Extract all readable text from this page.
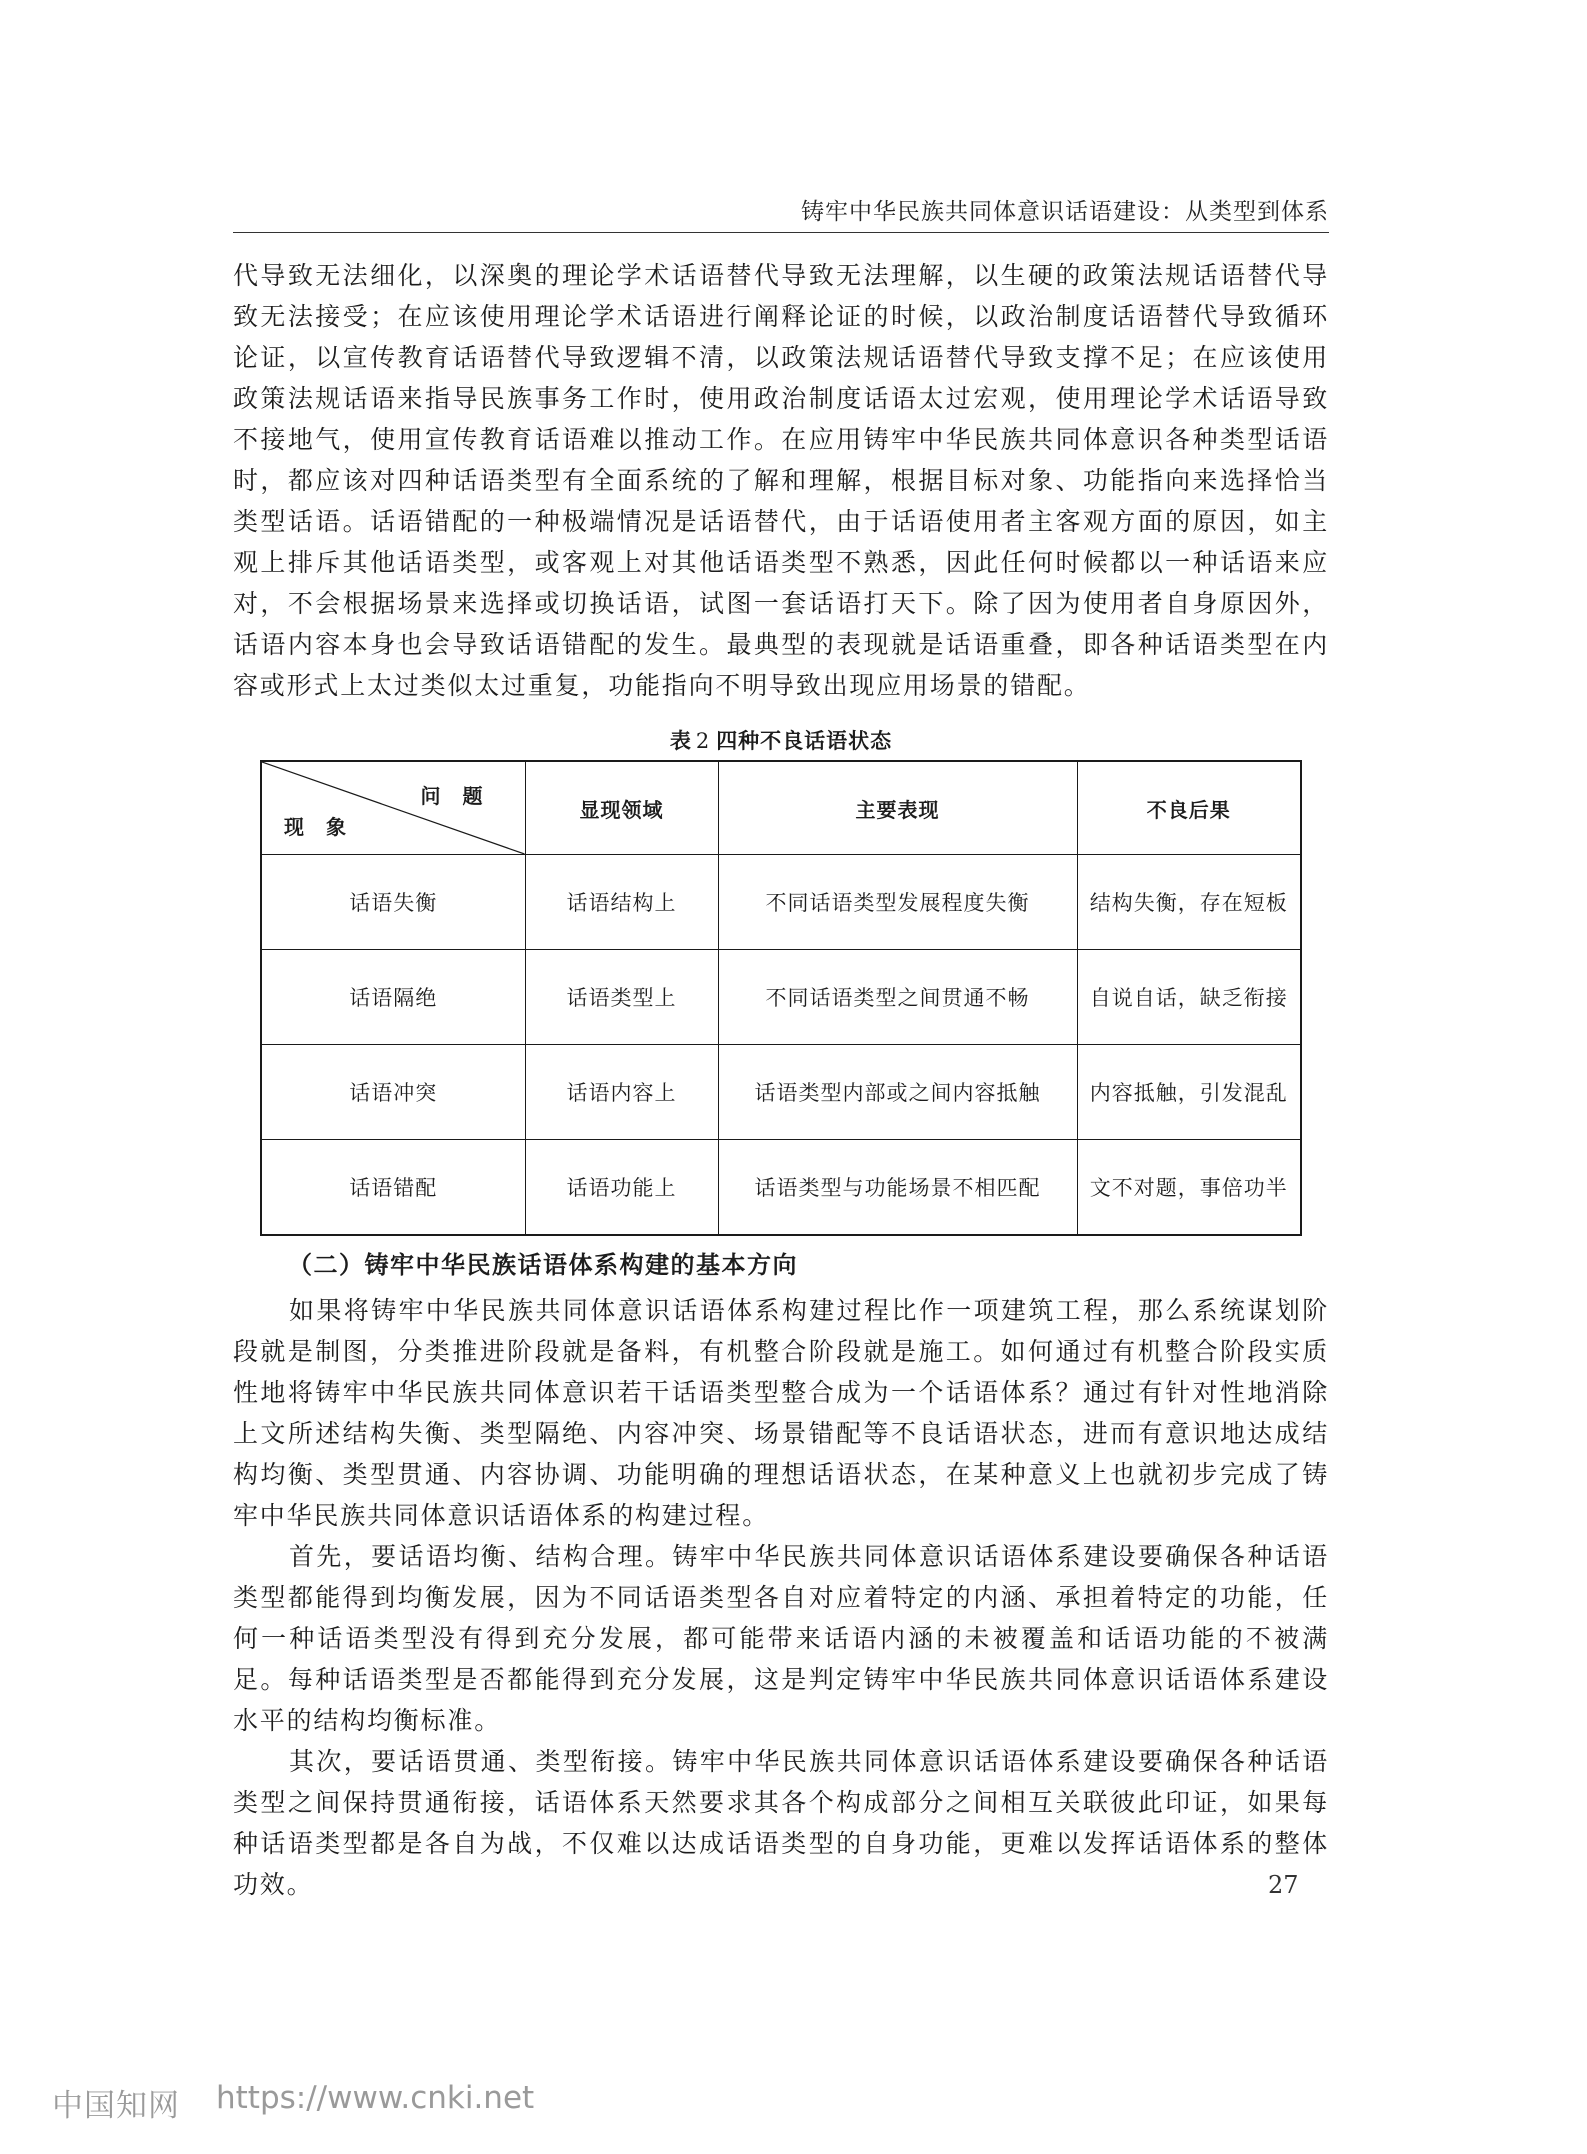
铸牢中华民族共同体意识话语建设：从类型到体系

代导致无法细化，以深奥的理论学术话语替代导致无法理解，以生硬的政策法规话语替代导致无法接受；在应该使用理论学术话语进行阐释论证的时候，以政治制度话语替代导致循环论证，以宣传教育话语替代导致逻辑不清，以政策法规话语替代导致支撑不足；在应该使用政策法规话语来指导民族事务工作时，使用政治制度话语太过宏观，使用理论学术话语导致不接地气，使用宣传教育话语难以推动工作。在应用铸牢中华民族共同体意识各种类型话语时，都应该对四种话语类型有全面系统的了解和理解，根据目标对象、功能指向来选择恰当类型话语。话语错配的一种极端情况是话语替代，由于话语使用者主客观方面的原因，如主观上排斥其他话语类型，或客观上对其他话语类型不熟悉，因此任何时候都以一种话语来应对，不会根据场景来选择或切换话语，试图一套话语打天下。除了因为使用者自身原因外，话语内容本身也会导致话语错配的发生。最典型的表现就是话语重叠，即各种话语类型在内容或形式上太过类似太过重复，功能指向不明导致出现应用场景的错配。

表 2 四种不良话语状态
问题
现象	显现领域	主要表现	不良后果
话语失衡	话语结构上	不同话语类型发展程度失衡	结构失衡，存在短板
话语隔绝	话语类型上	不同话语类型之间贯通不畅	自说自话，缺乏衔接
话语冲突	话语内容上	话语类型内部或之间内容抵触	内容抵触，引发混乱
话语错配	话语功能上	话语类型与功能场景不相匹配	文不对题，事倍功半
（二）铸牢中华民族话语体系构建的基本方向

如果将铸牢中华民族共同体意识话语体系构建过程比作一项建筑工程，那么系统谋划阶段就是制图，分类推进阶段就是备料，有机整合阶段就是施工。如何通过有机整合阶段实质性地将铸牢中华民族共同体意识若干话语类型整合成为一个话语体系？通过有针对性地消除上文所述结构失衡、类型隔绝、内容冲突、场景错配等不良话语状态，进而有意识地达成结构均衡、类型贯通、内容协调、功能明确的理想话语状态，在某种意义上也就初步完成了铸牢中华民族共同体意识话语体系的构建过程。

首先，要话语均衡、结构合理。铸牢中华民族共同体意识话语体系建设要确保各种话语类型都能得到均衡发展，因为不同话语类型各自对应着特定的内涵、承担着特定的功能，任何一种话语类型没有得到充分发展，都可能带来话语内涵的未被覆盖和话语功能的不被满足。每种话语类型是否都能得到充分发展，这是判定铸牢中华民族共同体意识话语体系建设水平的结构均衡标准。

其次，要话语贯通、类型衔接。铸牢中华民族共同体意识话语体系建设要确保各种话语类型之间保持贯通衔接，话语体系天然要求其各个构成部分之间相互关联彼此印证，如果每种话语类型都是各自为战，不仅难以达成话语类型的自身功能，更难以发挥话语体系的整体功效。	27
中国知网 https://www.cnki.net
